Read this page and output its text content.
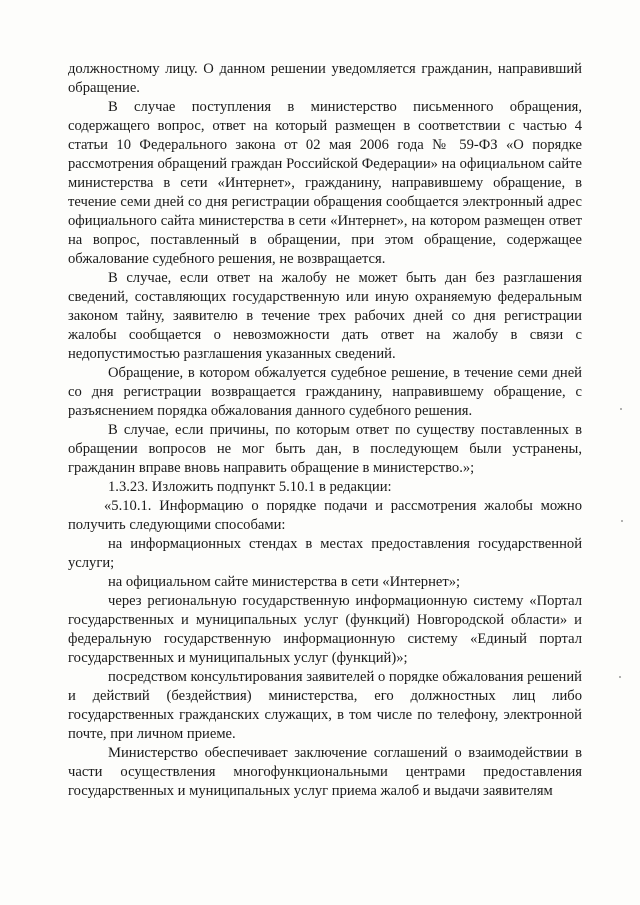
должностному лицу. О данном решении уведомляется гражданин, направивший обращение.

В случае поступления в министерство письменного обращения, содержащего вопрос, ответ на который размещен в соответствии с частью 4 статьи 10 Федерального закона от 02 мая 2006 года № 59-ФЗ «О порядке рассмотрения обращений граждан Российской Федерации» на официальном сайте министерства в сети «Интернет», гражданину, направившему обращение, в течение семи дней со дня регистрации обращения сообщается электронный адрес официального сайта министерства в сети «Интернет», на котором размещен ответ на вопрос, поставленный в обращении, при этом обращение, содержащее обжалование судебного решения, не возвращается.

В случае, если ответ на жалобу не может быть дан без разглашения сведений, составляющих государственную или иную охраняемую федеральным законом тайну, заявителю в течение трех рабочих дней со дня регистрации жалобы сообщается о невозможности дать ответ на жалобу в связи с недопустимостью разглашения указанных сведений.

Обращение, в котором обжалуется судебное решение, в течение семи дней со дня регистрации возвращается гражданину, направившему обращение, с разъяснением порядка обжалования данного судебного решения.

В случае, если причины, по которым ответ по существу поставленных в обращении вопросов не мог быть дан, в последующем были устранены, гражданин вправе вновь направить обращение в министерство.»;

1.3.23. Изложить подпункт 5.10.1 в редакции:

«5.10.1. Информацию о порядке подачи и рассмотрения жалобы можно получить следующими способами:

на информационных стендах в местах предоставления государственной услуги;

на официальном сайте министерства в сети «Интернет»;

через региональную государственную информационную систему «Портал государственных и муниципальных услуг (функций) Новгородской области» и федеральную государственную информационную систему «Единый портал государственных и муниципальных услуг (функций)»;

посредством консультирования заявителей о порядке обжалования решений и действий (бездействия) министерства, его должностных лиц либо государственных гражданских служащих, в том числе по телефону, электронной почте, при личном приеме.

Министерство обеспечивает заключение соглашений о взаимодействии в части осуществления многофункциональными центрами предоставления государственных и муниципальных услуг приема жалоб и выдачи заявителям
